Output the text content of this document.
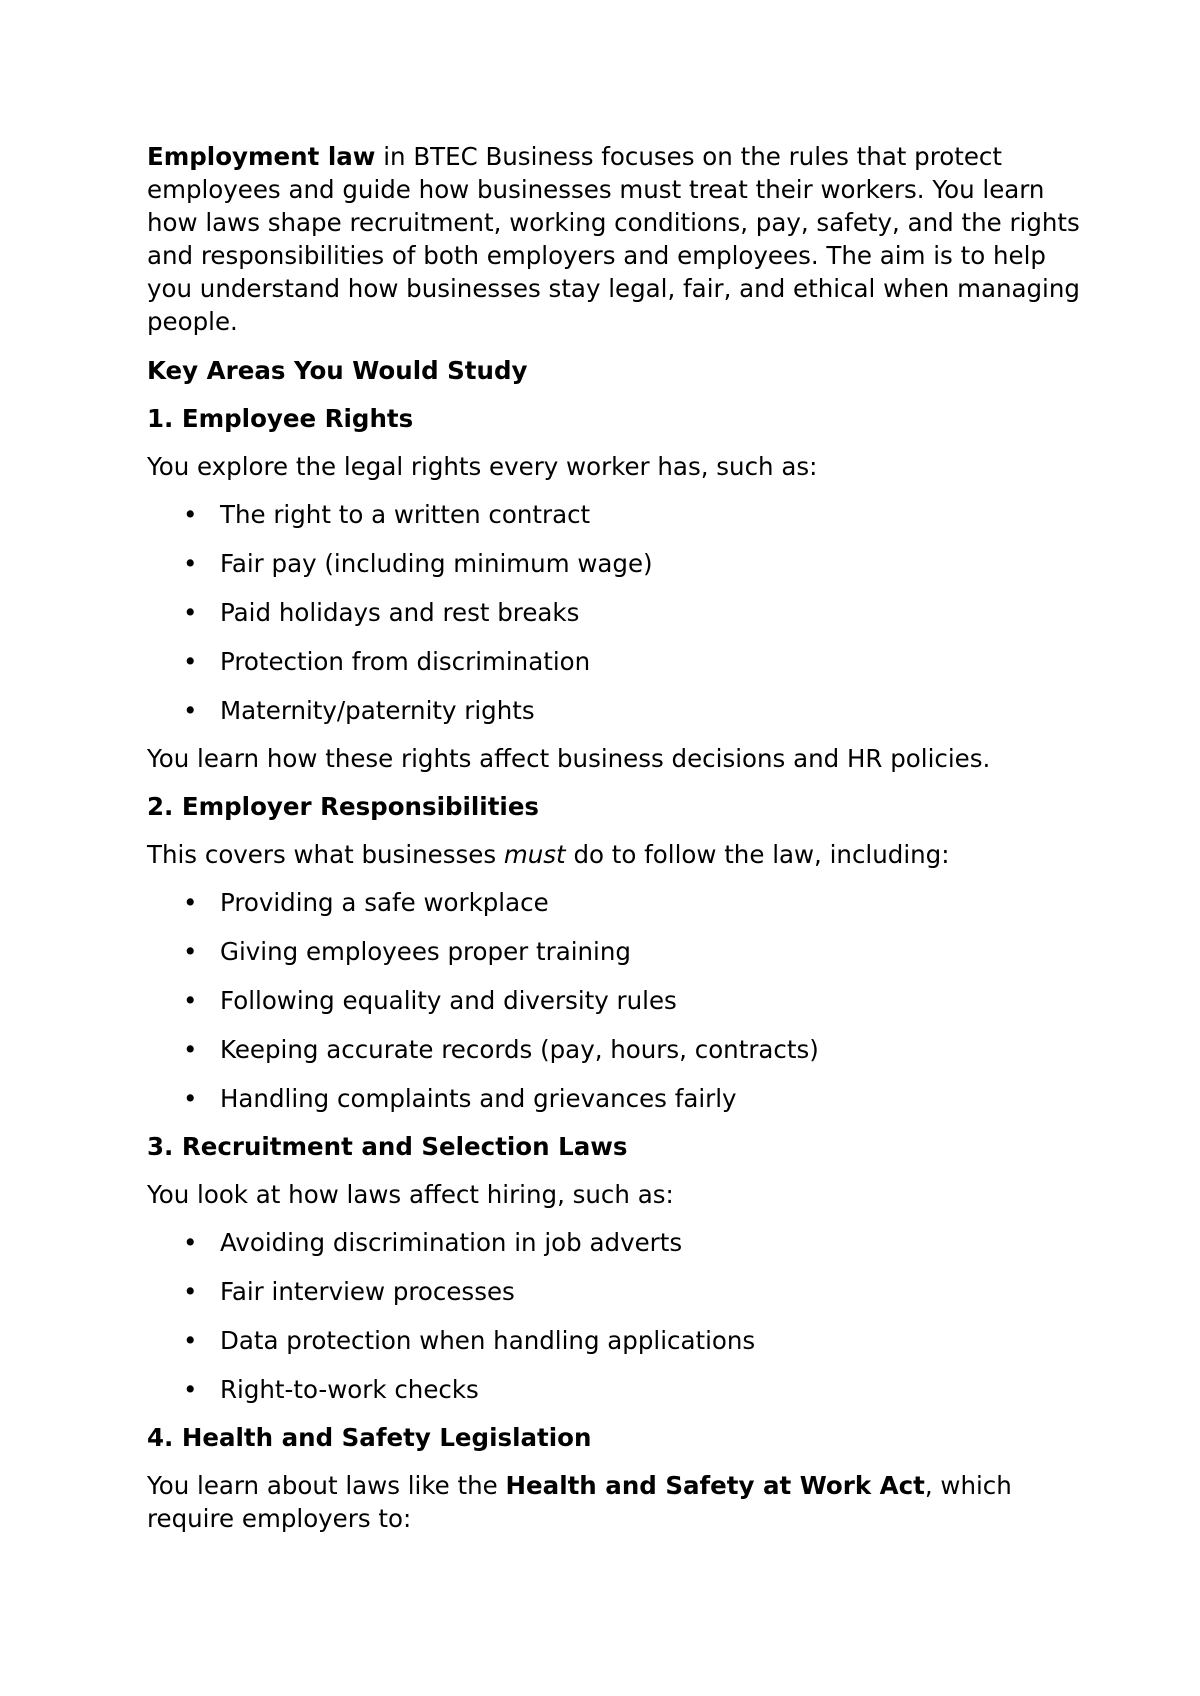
Employment law in BTEC Business focuses on the rules that protect employees and guide how businesses must treat their workers. You learn how laws shape recruitment, working conditions, pay, safety, and the rights and responsibilities of both employers and employees. The aim is to help you understand how businesses stay legal, fair, and ethical when managing people.

Key Areas You Would Study

1. Employee Rights

You explore the legal rights every worker has, such as:

• The right to a written contract
• Fair pay (including minimum wage)
• Paid holidays and rest breaks
• Protection from discrimination
• Maternity/paternity rights

You learn how these rights affect business decisions and HR policies.

2. Employer Responsibilities

This covers what businesses must do to follow the law, including:

• Providing a safe workplace
• Giving employees proper training
• Following equality and diversity rules
• Keeping accurate records (pay, hours, contracts)
• Handling complaints and grievances fairly

3. Recruitment and Selection Laws

You look at how laws affect hiring, such as:

• Avoiding discrimination in job adverts
• Fair interview processes
• Data protection when handling applications
• Right-to-work checks

4. Health and Safety Legislation

You learn about laws like the Health and Safety at Work Act, which require employers to:
